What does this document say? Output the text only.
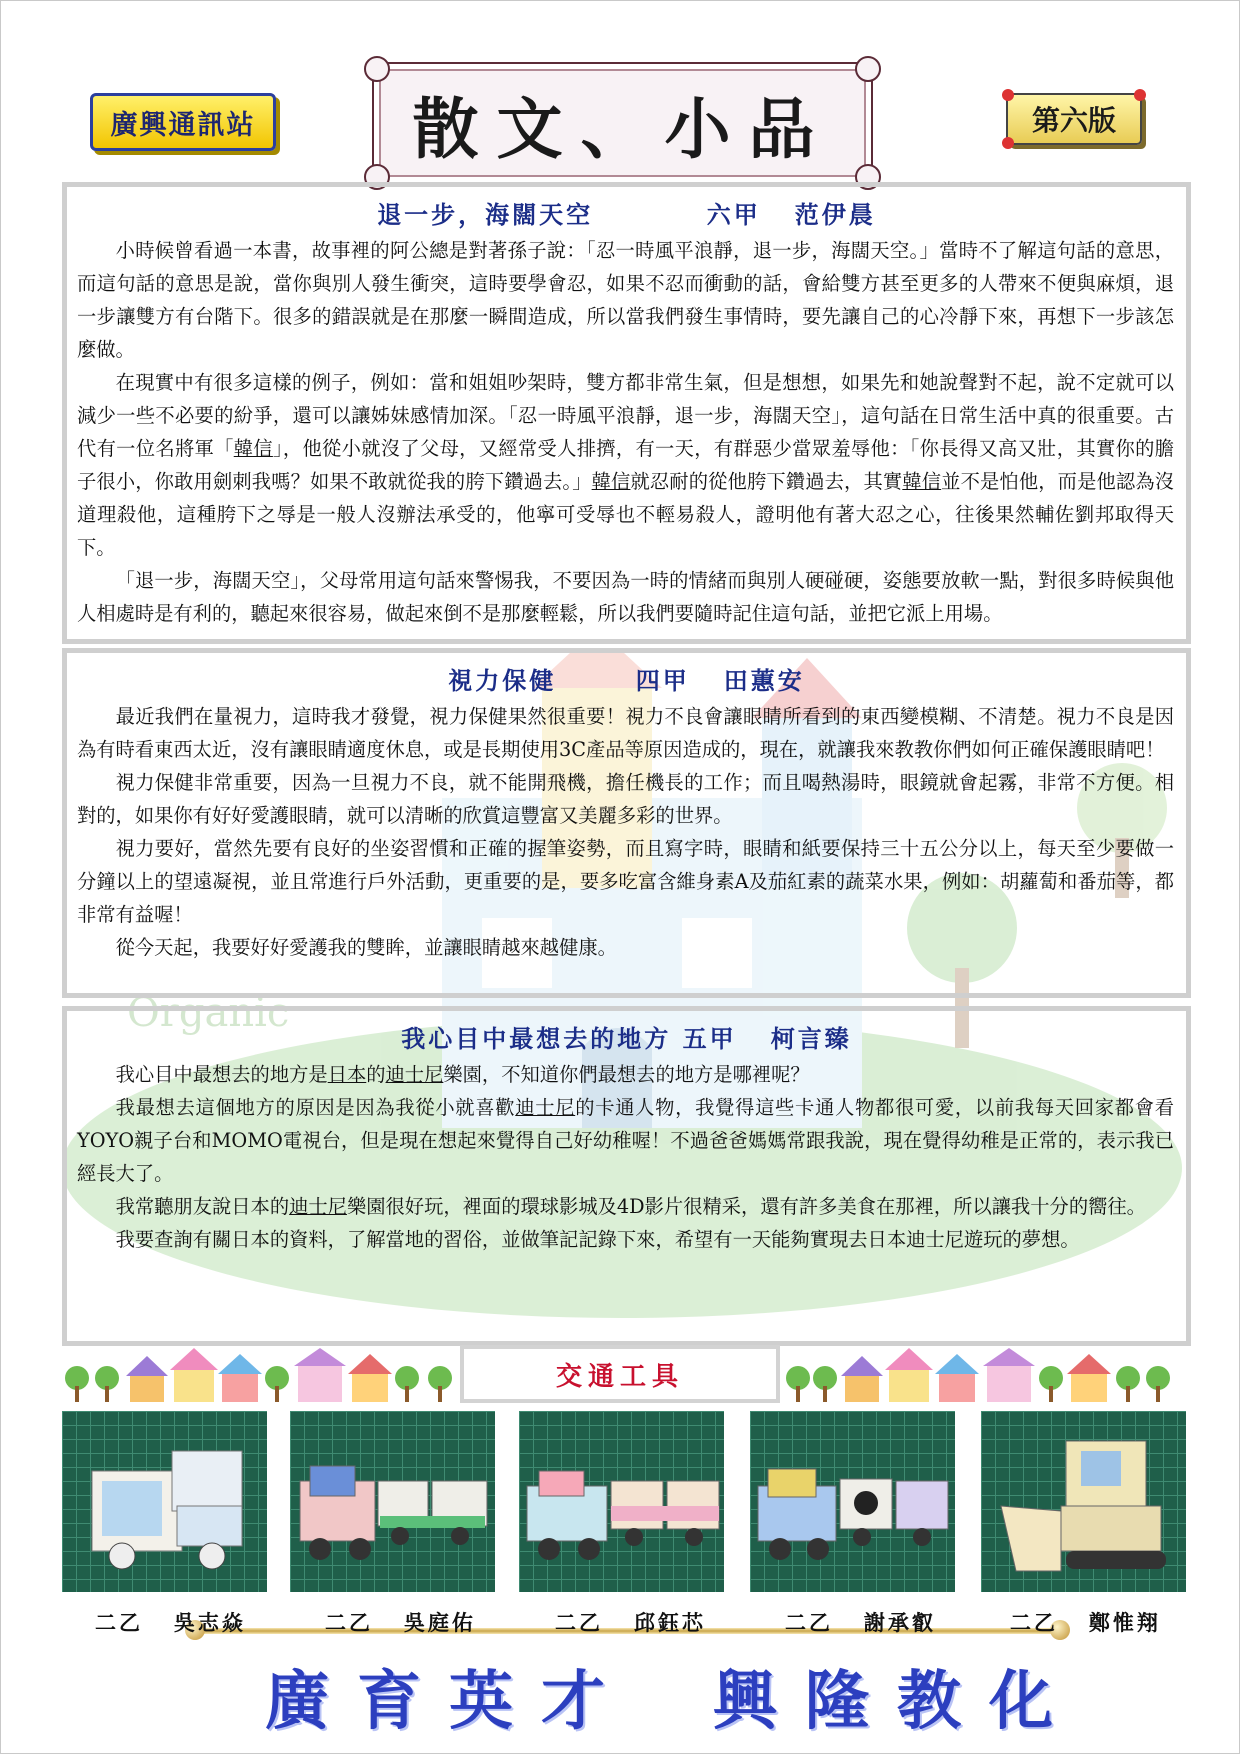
廣興通訊站	散文、小品	第六版
Organic
退一步，海闊天空          六甲   范伊晨

小時候曾看過一本書，故事裡的阿公總是對著孫子說：「忍一時風平浪靜，退一步，海闊天空。」當時不了解這句話的意思，而這句話的意思是說，當你與別人發生衝突，這時要學會忍，如果不忍而衝動的話，會給雙方甚至更多的人帶來不便與麻煩，退一步讓雙方有台階下。很多的錯誤就是在那麼一瞬間造成，所以當我們發生事情時，要先讓自己的心冷靜下來，再想下一步該怎麼做。

在現實中有很多這樣的例子，例如：當和姐姐吵架時，雙方都非常生氣，但是想想，如果先和她說聲對不起，說不定就可以減少一些不必要的紛爭，還可以讓姊妹感情加深。「忍一時風平浪靜，退一步，海闊天空」，這句話在日常生活中真的很重要。古代有一位名將軍「韓信」，他從小就沒了父母，又經常受人排擠，有一天，有群惡少當眾羞辱他：「你長得又高又壯，其實你的膽子很小，你敢用劍刺我嗎？如果不敢就從我的胯下鑽過去。」韓信就忍耐的從他胯下鑽過去，其實韓信並不是怕他，而是他認為沒道理殺他，這種胯下之辱是一般人沒辦法承受的，他寧可受辱也不輕易殺人，證明他有著大忍之心，往後果然輔佐劉邦取得天下。

「退一步，海闊天空」，父母常用這句話來警惕我，不要因為一時的情緒而與別人硬碰硬，姿態要放軟一點，對很多時候與他人相處時是有利的，聽起來很容易，做起來倒不是那麼輕鬆，所以我們要隨時記住這句話，並把它派上用場。

視力保健       四甲   田蕙安

最近我們在量視力，這時我才發覺，視力保健果然很重要！視力不良會讓眼睛所看到的東西變模糊、不清楚。視力不良是因為有時看東西太近，沒有讓眼睛適度休息，或是長期使用3C產品等原因造成的，現在，就讓我來教教你們如何正確保護眼睛吧！

視力保健非常重要，因為一旦視力不良，就不能開飛機，擔任機長的工作；而且喝熱湯時，眼鏡就會起霧，非常不方便。相對的，如果你有好好愛護眼睛，就可以清晰的欣賞這豐富又美麗多彩的世界。

視力要好，當然先要有良好的坐姿習慣和正確的握筆姿勢，而且寫字時，眼睛和紙要保持三十五公分以上，每天至少要做一分鐘以上的望遠凝視，並且常進行戶外活動，更重要的是，要多吃富含維身素A及茄紅素的蔬菜水果，例如：胡蘿蔔和番茄等，都非常有益喔！

從今天起，我要好好愛護我的雙眸，並讓眼睛越來越健康。

我心目中最想去的地方 五甲   柯言臻

我心目中最想去的地方是日本的迪士尼樂園，不知道你們最想去的地方是哪裡呢？

我最想去這個地方的原因是因為我從小就喜歡迪士尼的卡通人物，我覺得這些卡通人物都很可愛，以前我每天回家都會看YOYO親子台和MOMO電視台，但是現在想起來覺得自己好幼稚喔！不過爸爸媽媽常跟我說，現在覺得幼稚是正常的，表示我已經長大了。

我常聽朋友說日本的迪士尼樂園很好玩，裡面的環球影城及4D影片很精采，還有許多美食在那裡，所以讓我十分的嚮往。

我要查詢有關日本的資料，了解當地的習俗，並做筆記記錄下來，希望有一天能夠實現去日本迪士尼遊玩的夢想。

交通工具
二乙   吳志焱	二乙   吳庭佑	二乙   邱鈺芯	二乙   謝承叡	二乙   鄭惟翔
廣育英才 興隆教化
